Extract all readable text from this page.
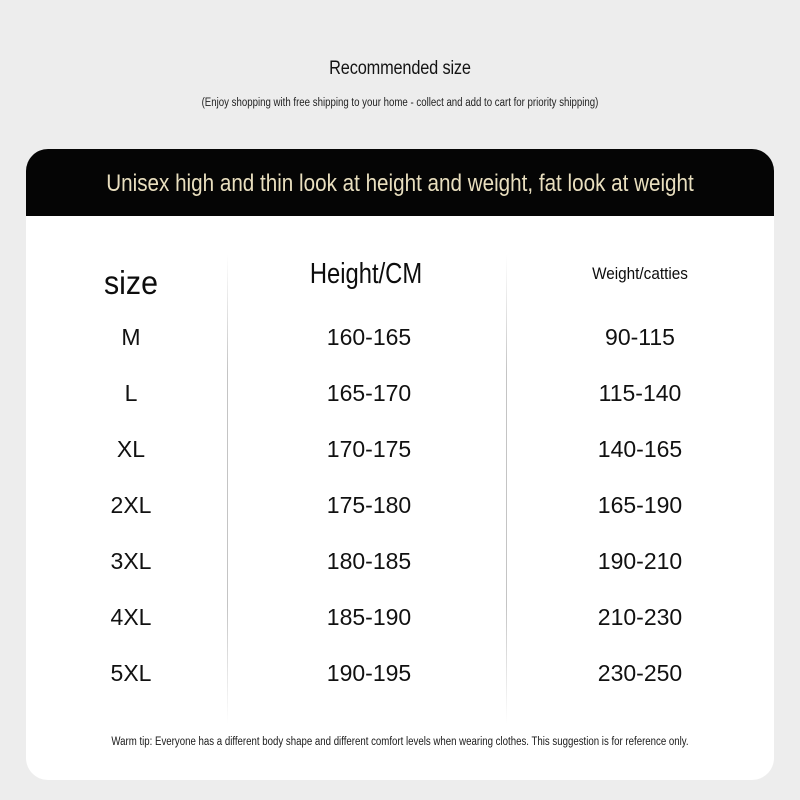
Recommended size
(Enjoy shopping with free shipping to your home - collect and add to cart for priority shipping)
Unisex high and thin look at height and weight, fat look at weight
size	Height/CM	Weight/catties
M	160-165	90-115
L	165-170	115-140
XL	170-175	140-165
2XL	175-180	165-190
3XL	180-185	190-210
4XL	185-190	210-230
5XL	190-195	230-250
Warm tip: Everyone has a different body shape and different comfort levels when wearing clothes. This suggestion is for reference only.
